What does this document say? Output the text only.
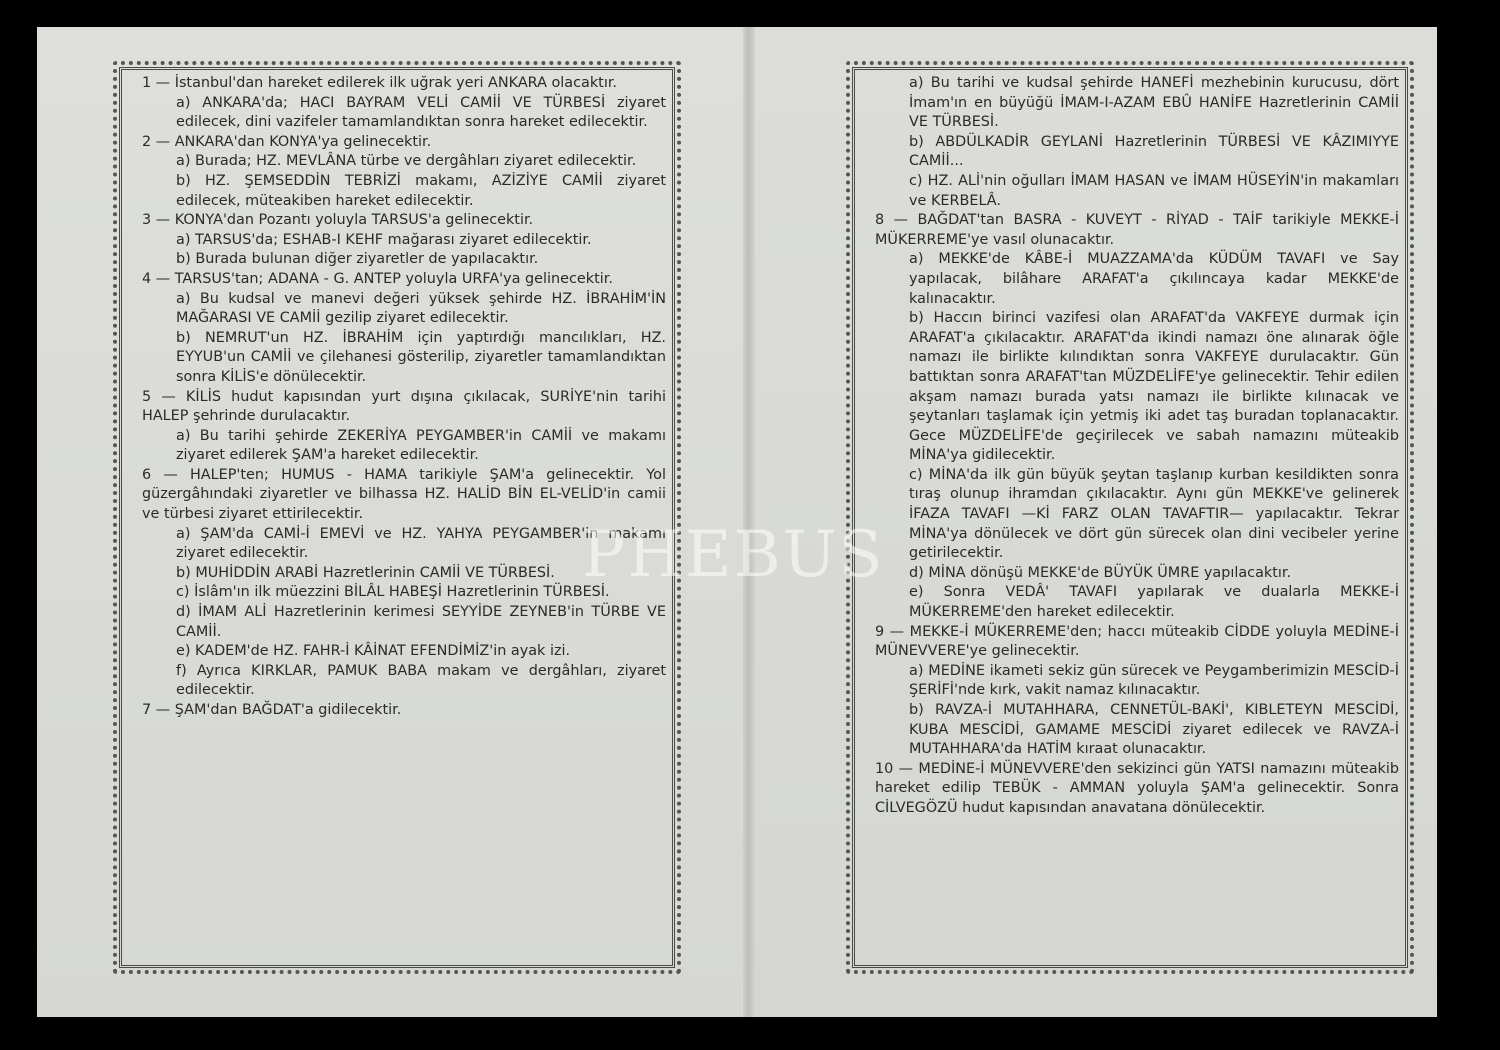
1 — İstanbul'dan hareket edilerek ilk uğrak yeri ANKARA olacaktır.

a) ANKARA'da; HACI BAYRAM VELİ CAMİİ VE TÜRBESİ ziyaret edilecek, dini vazifeler tamamlandıktan sonra hareket edilecektir.

2 — ANKARA'dan KONYA'ya gelinecektir.

a) Burada; HZ. MEVLÂNA türbe ve dergâhları ziyaret edilecektir.

b) HZ. ŞEMSEDDİN TEBRİZİ makamı, AZİZİYE CAMİİ ziyaret edilecek, müteakiben hareket edilecektir.

3 — KONYA'dan Pozantı yoluyla TARSUS'a gelinecektir.

a) TARSUS'da; ESHAB-I KEHF mağarası ziyaret edilecektir.

b) Burada bulunan diğer ziyaretler de yapılacaktır.

4 — TARSUS'tan; ADANA - G. ANTEP yoluyla URFA'ya gelinecektir.

a) Bu kudsal ve manevi değeri yüksek şehirde HZ. İBRAHİM'İN MAĞARASI VE CAMİİ gezilip ziyaret edilecektir.

b) NEMRUT'un HZ. İBRAHİM için yaptırdığı mancılıkları, HZ. EYYUB'un CAMİİ ve çilehanesi gösterilip, ziyaretler tamamlandıktan sonra KİLİS'e dönülecektir.

5 — KİLİS hudut kapısından yurt dışına çıkılacak, SURİYE'nin tarihi HALEP şehrinde durulacaktır.

a) Bu tarihi şehirde ZEKERİYA PEYGAMBER'in CAMİİ ve makamı ziyaret edilerek ŞAM'a hareket edilecektir.

6 — HALEP'ten; HUMUS - HAMA tarikiyle ŞAM'a gelinecektir. Yol güzergâhındaki ziyaretler ve bilhassa HZ. HALİD BİN EL-VELİD'in camii ve türbesi ziyaret ettirilecektir.

a) ŞAM'da CAMİ-İ EMEVİ ve HZ. YAHYA PEYGAMBER'in makamı ziyaret edilecektir.

b) MUHİDDİN ARABİ Hazretlerinin CAMİİ VE TÜRBESİ.

c) İslâm'ın ilk müezzini BİLÂL HABEŞİ Hazretlerinin TÜRBESİ.

d) İMAM ALİ Hazretlerinin kerimesi SEYYİDE ZEYNEB'in TÜRBE VE CAMİİ.

e) KADEM'de HZ. FAHR-İ KÂİNAT EFENDİMİZ'in ayak izi.

f) Ayrıca KIRKLAR, PAMUK BABA makam ve dergâhları, ziyaret edilecektir.

7 — ŞAM'dan BAĞDAT'a gidilecektir.

a) Bu tarihi ve kudsal şehirde HANEFİ mezhebinin kurucusu, dört İmam'ın en büyüğü İMAM-I-AZAM EBÛ HANİFE Hazretlerinin CAMİİ VE TÜRBESİ.

b) ABDÜLKADİR GEYLANİ Hazretlerinin TÜRBESİ VE KÂZIMIYYE CAMİİ...

c) HZ. ALİ'nin oğulları İMAM HASAN ve İMAM HÜSEYİN'in makamları ve KERBELÂ.

8 — BAĞDAT'tan BASRA - KUVEYT - RİYAD - TAİF tarikiyle MEKKE-İ MÜKERREME'ye vasıl olunacaktır.

a) MEKKE'de KÂBE-İ MUAZZAMA'da KÜDÜM TAVAFI ve Say yapılacak, bilâhare ARAFAT'a çıkılıncaya kadar MEKKE'de kalınacaktır.

b) Haccın birinci vazifesi olan ARAFAT'da VAKFEYE durmak için ARAFAT'a çıkılacaktır. ARAFAT'da ikindi namazı öne alınarak öğle namazı ile birlikte kılındıktan sonra VAKFEYE durulacaktır. Gün battıktan sonra ARAFAT'tan MÜZDELİFE'ye gelinecektir. Tehir edilen akşam namazı burada yatsı namazı ile birlikte kılınacak ve şeytanları taşlamak için yetmiş iki adet taş buradan toplanacaktır. Gece MÜZDELİFE'de geçirilecek ve sabah namazını müteakib MİNA'ya gidilecektir.

c) MİNA'da ilk gün büyük şeytan taşlanıp kurban kesildikten sonra tıraş olunup ihramdan çıkılacaktır. Aynı gün MEKKE've gelinerek İFAZA TAVAFI —Kİ FARZ OLAN TAVAFTIR— yapılacaktır. Tekrar MİNA'ya dönülecek ve dört gün sürecek olan dini vecibeler yerine getirilecektir.

d) MİNA dönüşü MEKKE'de BÜYÜK ÜMRE yapılacaktır.

e) Sonra VEDÂ' TAVAFI yapılarak ve dualarla MEKKE-İ MÜKERREME'den hareket edilecektir.

9 — MEKKE-İ MÜKERREME'den; haccı müteakib CİDDE yoluyla MEDİNE-İ MÜNEVVERE'ye gelinecektir.

a) MEDİNE ikameti sekiz gün sürecek ve Peygamberimizin MESCİD-İ ŞERİFİ'nde kırk, vakit namaz kılınacaktır.

b) RAVZA-İ MUTAHHARA, CENNETÜL-BAKİ', KIBLETEYN MESCİDİ, KUBA MESCİDİ, GAMAME MESCİDİ ziyaret edilecek ve RAVZA-İ MUTAHHARA'da HATİM kıraat olunacaktır.

10 — MEDİNE-İ MÜNEVVERE'den sekizinci gün YATSI namazını müteakib hareket edilip TEBÜK - AMMAN yoluyla ŞAM'a gelinecektir. Sonra CİLVEGÖZÜ hudut kapısından anavatana dönülecektir.

PHEBUS
